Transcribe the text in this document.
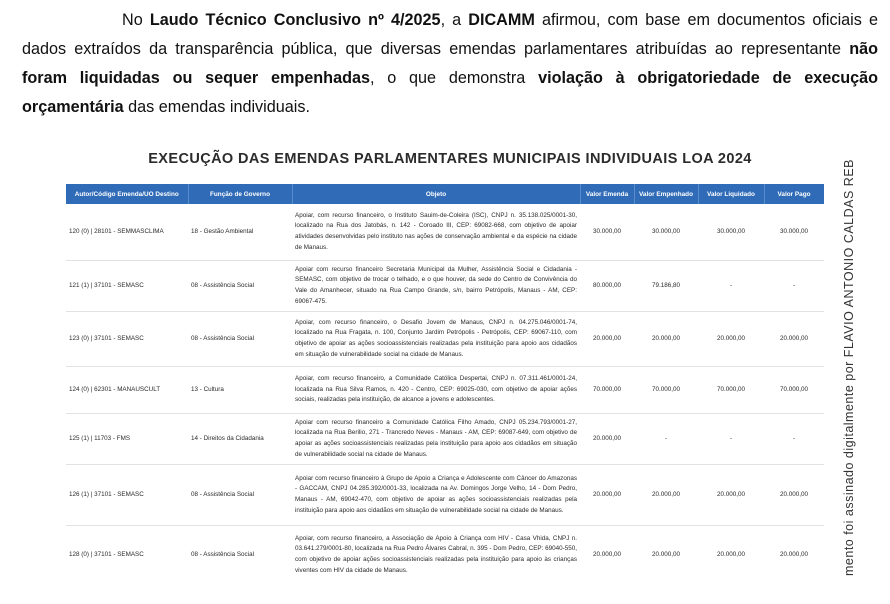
No Laudo Técnico Conclusivo nº 4/2025, a DICAMM afirmou, com base em documentos oficiais e dados extraídos da transparência pública, que diversas emendas parlamentares atribuídas ao representante não foram liquidadas ou sequer empenhadas, o que demonstra violação à obrigatoriedade de execução orçamentária das emendas individuais.
EXECUÇÃO DAS EMENDAS PARLAMENTARES MUNICIPAIS INDIVIDUAIS LOA 2024
Autor/Código Emenda/UO Destino	Função de Governo	Objeto	Valor Emenda	Valor Empenhado	Valor Liquidado	Valor Pago
120 (0) | 28101 - SEMMASCLIMA	18 - Gestão Ambiental	Apoiar, com recurso financeiro, o Instituto Sauim-de-Coleira (ISC), CNPJ n. 35.138.025/0001-30, localizado na Rua dos Jatobás, n. 142 - Coroado III, CEP: 69082-668, com objetivo de apoiar atividades desenvolvidas pelo instituto nas ações de conservação ambiental e da espécie na cidade de Manaus.	30.000,00	30.000,00	30.000,00	30.000,00
121 (1) | 37101 - SEMASC	08 - Assistência Social	Apoiar com recurso financeiro Secretaria Municipal da Mulher, Assistência Social e Cidadania - SEMASC, com objetivo de trocar o telhado, e o que houver, da sede do Centro de Convivência do Vale do Amanhecer, situado na Rua Campo Grande, s/n, bairro Petrópolis, Manaus - AM, CEP: 69067-475.	80.000,00	79.186,80	-	-
123 (0) | 37101 - SEMASC	08 - Assistência Social	Apoiar, com recurso financeiro, o Desafio Jovem de Manaus, CNPJ n. 04.275.046/0001-74, localizado na Rua Fragata, n. 100, Conjunto Jardim Petrópolis - Petrópolis, CEP: 69067-110, com objetivo de apoiar as ações socioassistenciais realizadas pela instituição para apoio aos cidadãos em situação de vulnerabilidade social na cidade de Manaus.	20.000,00	20.000,00	20.000,00	20.000,00
124 (0) | 62301 - MANAUSCULT	13 - Cultura	Apoiar, com recurso financeiro, a Comunidade Católica Despertai, CNPJ n. 07.311.461/0001-24, localizada na Rua Silva Ramos, n. 420 - Centro, CEP: 69025-030, com objetivo de apoiar ações sociais, realizadas pela instituição, de alcance a jovens e adolescentes.	70.000,00	70.000,00	70.000,00	70.000,00
125 (1) | 11703 - FMS	14 - Direitos da Cidadania	Apoiar com recurso financeiro a Comunidade Católica Filho Amado, CNPJ 05.234.793/0001-27, localizada na Rua Berilio, 271 - Trancredo Neves - Manaus - AM, CEP: 69087-649, com objetivo de apoiar as ações socioassistenciais realizadas pela instituição para apoio aos cidadãos em situação de vulnerabilidade social na cidade de Manaus.	20.000,00	-	-	-
126 (1) | 37101 - SEMASC	08 - Assistência Social	Apoiar com recurso financeiro à Grupo de Apoio a Criança e Adolescente com Câncer do Amazonas - GACCAM, CNPJ 04.285.392/0001-33, localizada na Av. Domingos Jorge Velho, 14 - Dom Pedro, Manaus - AM, 69042-470, com objetivo de apoiar as ações socioassistenciais realizadas pela instituição para apoio aos cidadãos em situação de vulnerabilidade social na cidade de Manaus.	20.000,00	20.000,00	20.000,00	20.000,00
128 (0) | 37101 - SEMASC	08 - Assistência Social	Apoiar, com recurso financeiro, a Associação de Apoio à Criança com HIV - Casa Vhida, CNPJ n. 03.641.279/0001-80, localizada na Rua Pedro Álvares Cabral, n. 395 - Dom Pedro, CEP: 69040-550, com objetivo de apoiar ações socioassistenciais realizadas pela instituição para apoio às crianças viventes com HIV da cidade de Manaus.	20.000,00	20.000,00	20.000,00	20.000,00	mento foi assinado digitalmente por FLAVIO ANTONIO CALDAS REB
